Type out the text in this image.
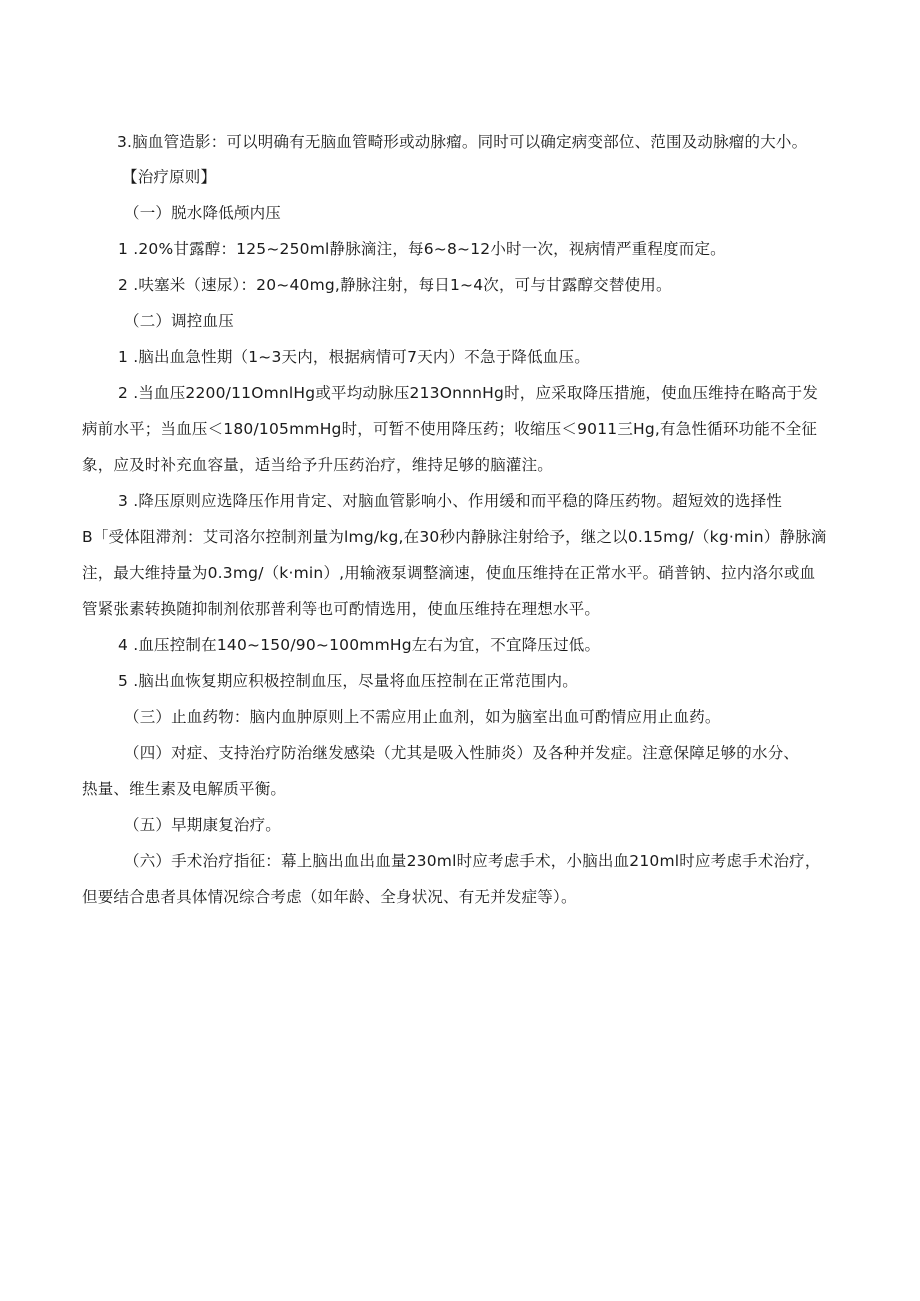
3.脑血管造影：可以明确有无脑血管畸形或动脉瘤。同时可以确定病变部位、范围及动脉瘤的大小。
【治疗原则】
（一）脱水降低颅内压
1 .20%甘露醇：125~250ml静脉滴注，每6~8~12小时一次，视病情严重程度而定。
2 .呋塞米（速尿）：20~40mg,静脉注射，每日1~4次，可与甘露醇交替使用。
（二）调控血压
1 .脑出血急性期（1~3天内，根据病情可7天内）不急于降低血压。
2 .当血压2200/11OmnlHg或平均动脉压213OnnnHg时，应采取降压措施，使血压维持在略高于发
病前水平；当血压＜180/105mmHg时，可暂不使用降压药；收缩压＜9011三Hg,有急性循环功能不全征
象，应及时补充血容量，适当给予升压药治疗，维持足够的脑灌注。
3 .降压原则应选降压作用肯定、对脑血管影响小、作用缓和而平稳的降压药物。超短效的选择性
B「受体阻滞剂：艾司洛尔控制剂量为lmg/kg,在30秒内静脉注射给予，继之以0.15mg/（kg·min）静脉滴
注，最大维持量为0.3mg/（k·min）,用输液泵调整滴速，使血压维持在正常水平。硝普钠、拉内洛尔或血
管紧张素转换随抑制剂依那普利等也可酌情选用，使血压维持在理想水平。
4 .血压控制在140~150/90~100mmHg左右为宜，不宜降压过低。
5 .脑出血恢复期应积极控制血压，尽量将血压控制在正常范围内。
（三）止血药物：脑内血肿原则上不需应用止血剂，如为脑室出血可酌情应用止血药。
（四）对症、支持治疗防治继发感染（尤其是吸入性肺炎）及各种并发症。注意保障足够的水分、
热量、维生素及电解质平衡。
（五）早期康复治疗。
（六）手术治疗指征：幕上脑出血出血量230ml时应考虑手术，小脑出血210ml时应考虑手术治疗，
但要结合患者具体情况综合考虑（如年龄、全身状况、有无并发症等）。
